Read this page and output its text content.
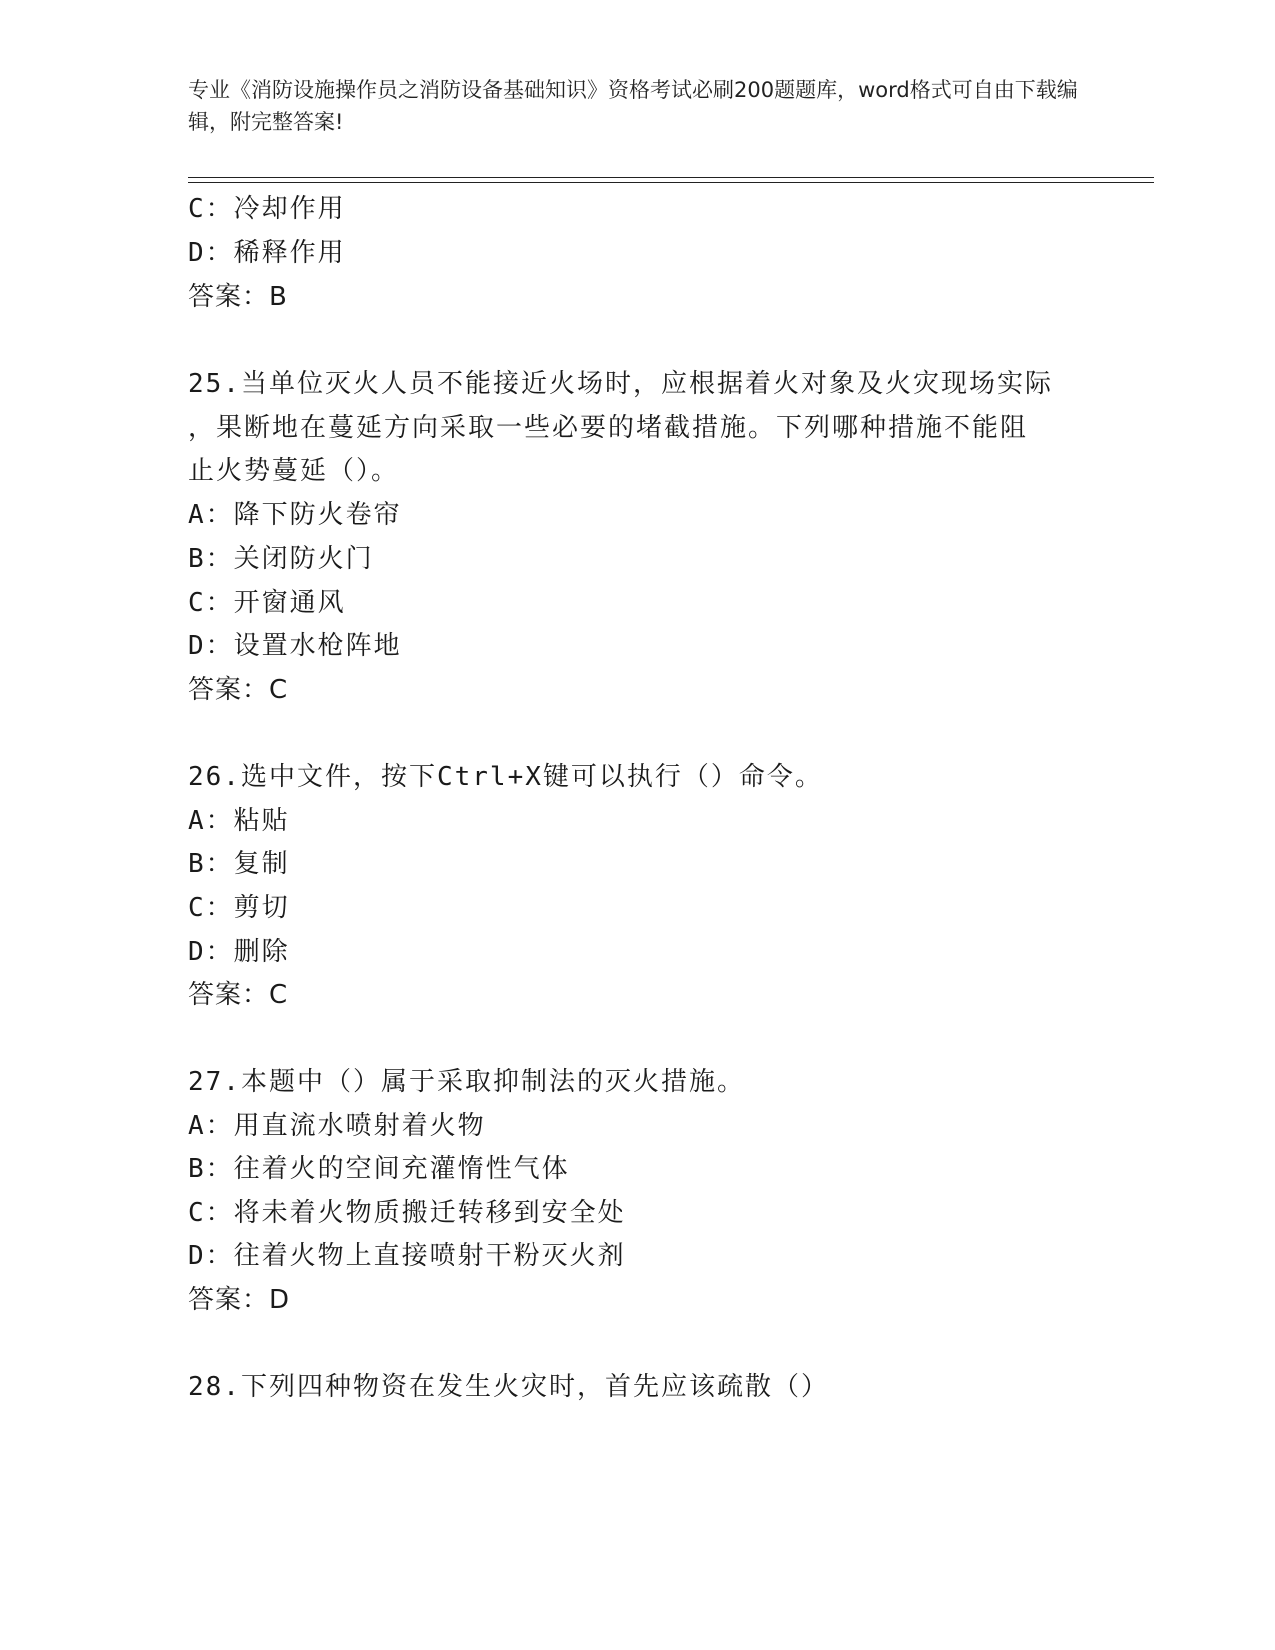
专业《消防设施操作员之消防设备基础知识》资格考试必刷200题题库，word格式可自由下载编辑，附完整答案!
C：冷却作用
D：稀释作用
答案：B
25.当单位灭火人员不能接近火场时，应根据着火对象及火灾现场实际
，果断地在蔓延方向采取一些必要的堵截措施。下列哪种措施不能阻
止火势蔓延（）。
A：降下防火卷帘
B：关闭防火门
C：开窗通风
D：设置水枪阵地
答案：C
26.选中文件，按下Ctrl+X键可以执行（）命令。
A：粘贴
B：复制
C：剪切
D：删除
答案：C
27.本题中（）属于采取抑制法的灭火措施。
A：用直流水喷射着火物
B：往着火的空间充灌惰性气体
C：将未着火物质搬迁转移到安全处
D：往着火物上直接喷射干粉灭火剂
答案：D
28.下列四种物资在发生火灾时，首先应该疏散（）
